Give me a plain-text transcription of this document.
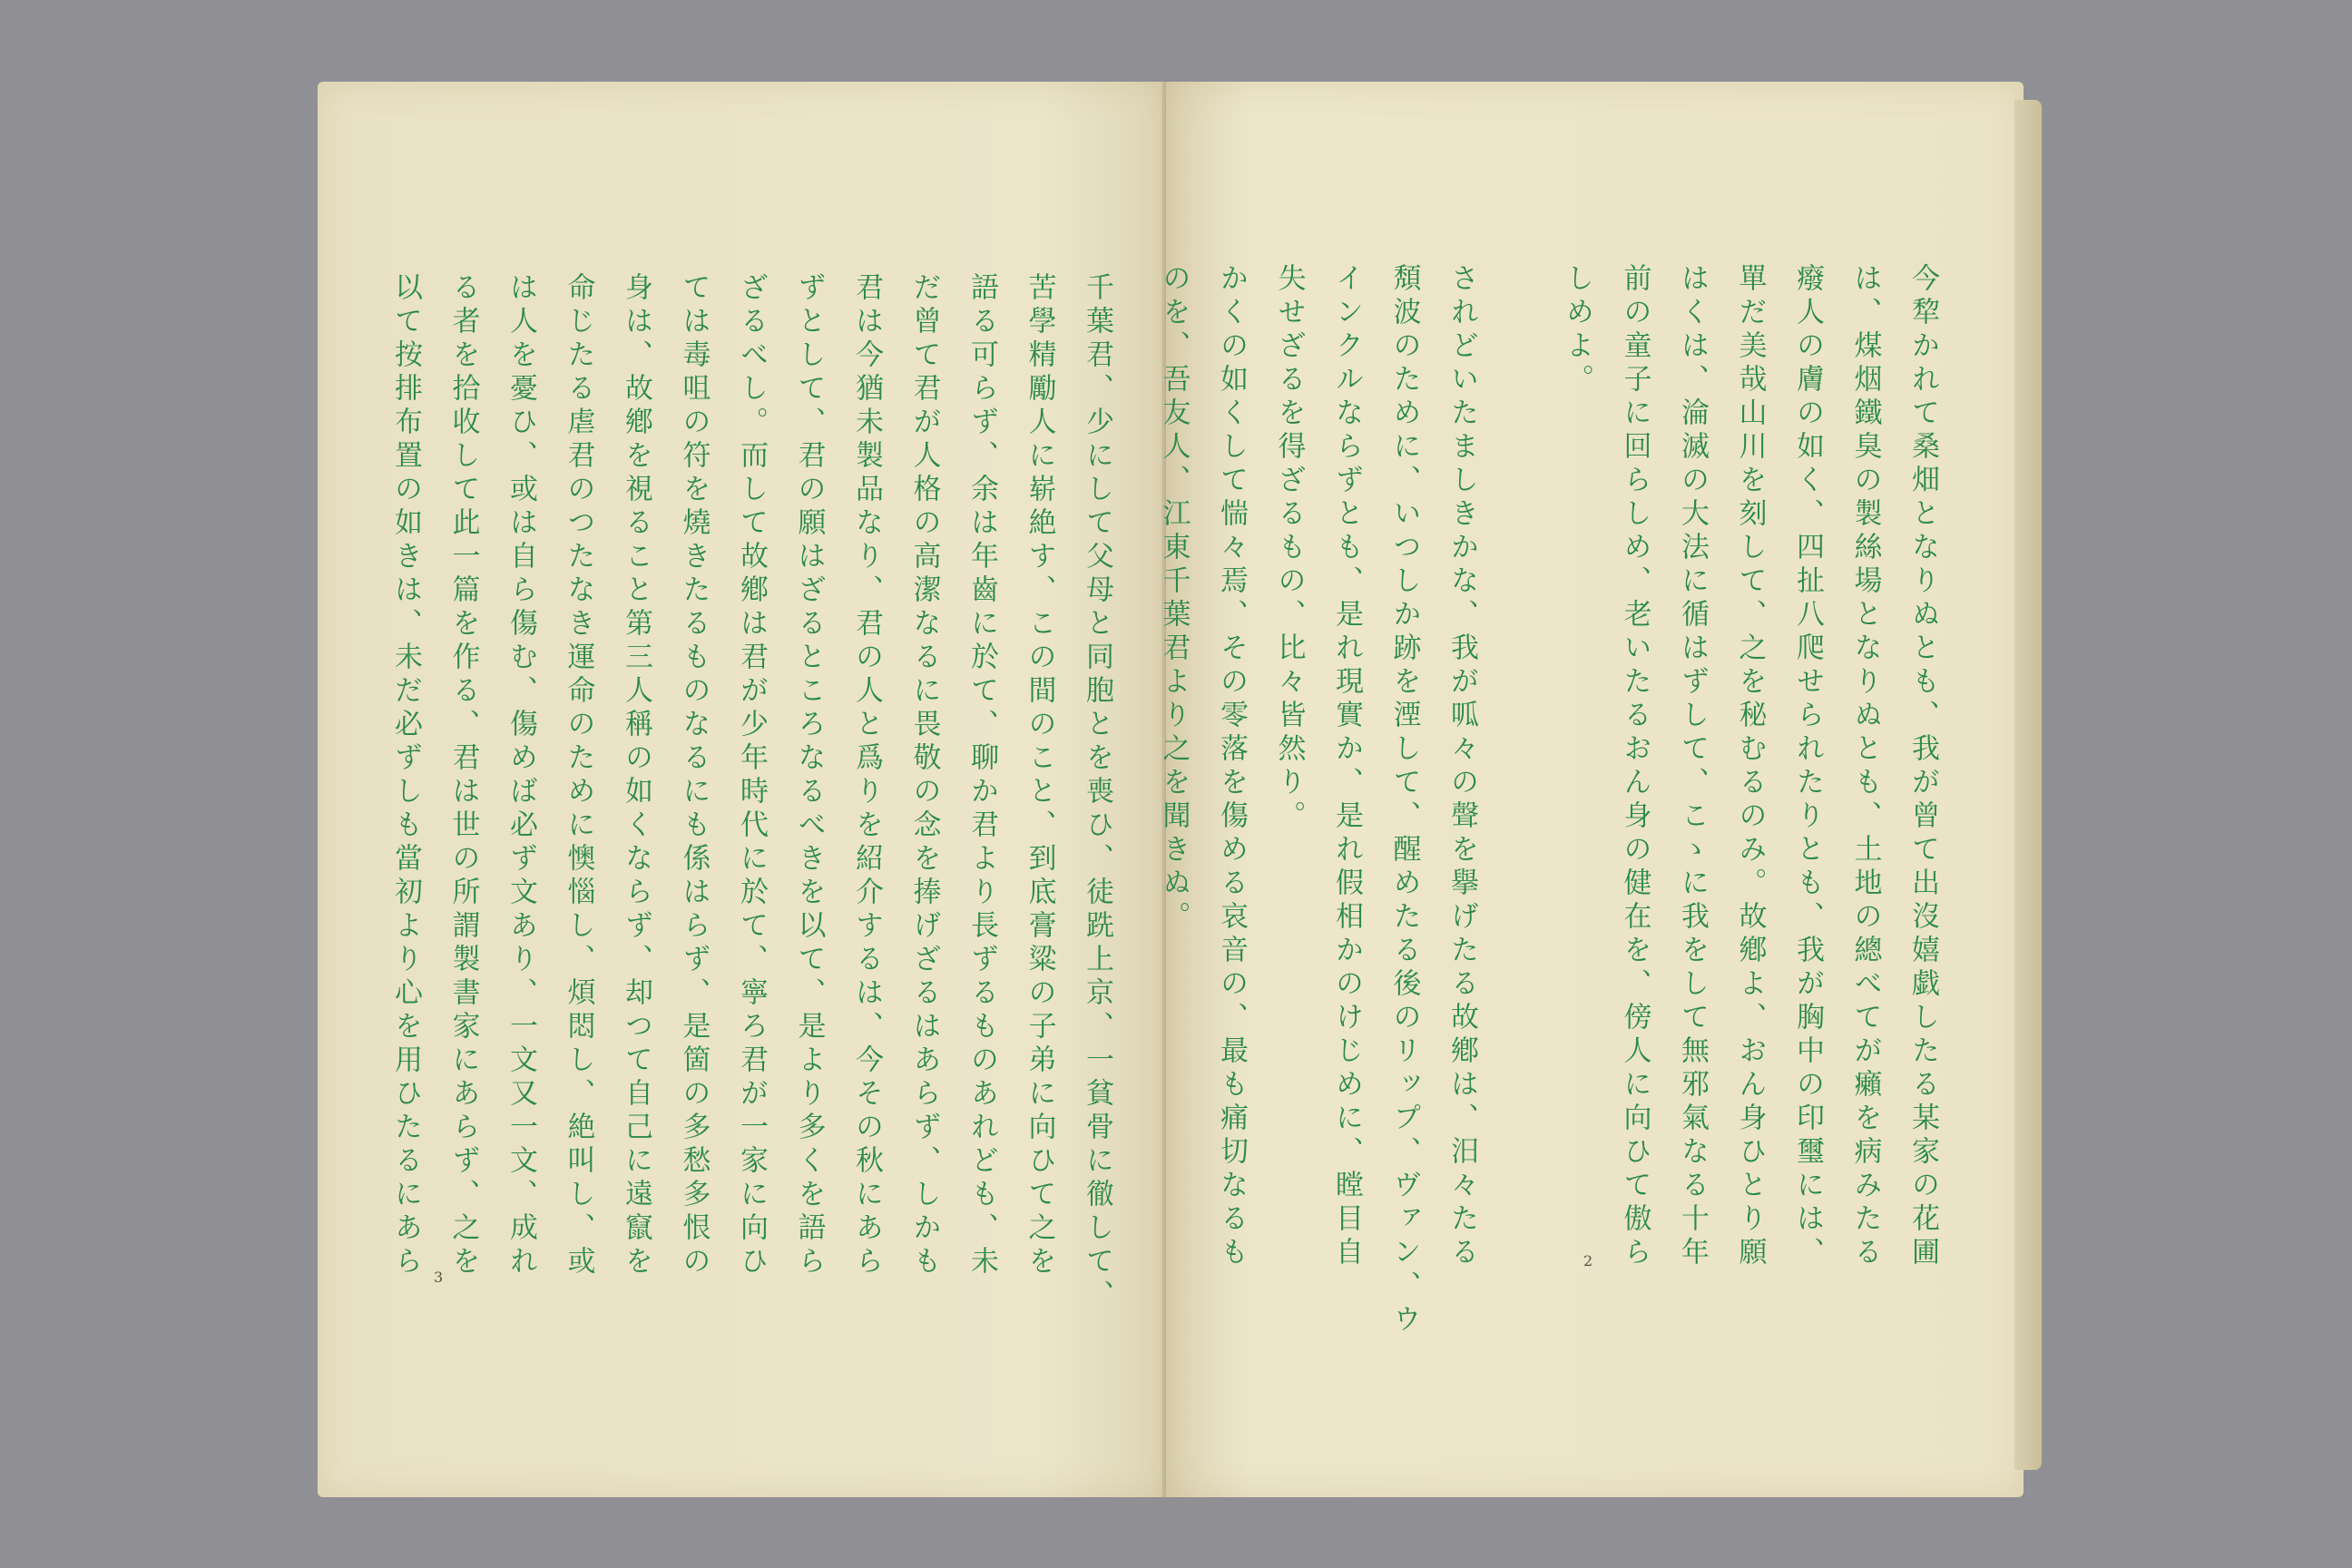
千葉君、少にして父母と同胞とを喪ひ、徒跣上京、一貧骨に徹して、
苦學精勵人に崭絶す、この間のこと、到底膏粱の子弟に向ひて之を
語る可らず、余は年齒に於て、聊か君より長ずるものあれども、未
だ曾て君が人格の高潔なるに畏敬の念を捧げざるはあらず、しかも
君は今猶未製品なり、君の人と爲りを紹介するは、今その秋にあら
ずとして、君の願はざるところなるべきを以て、是より多くを語ら
ざるべし。而して故鄕は君が少年時代に於て、寧ろ君が一家に向ひ
ては毒咀の符を燒きたるものなるにも係はらず、是箇の多愁多恨の
身は、故鄕を視ること第三人稱の如くならず、却つて自己に遠竄を
命じたる虐君のつたなき運命のために懊惱し、煩悶し、絶叫し、或
は人を憂ひ、或は自ら傷む、傷めば必ず文あり、一文又一文、成れ
る者を拾收して此一篇を作る、君は世の所謂製書家にあらず、之を
以て按排布置の如きは、未だ必ずしも當初より心を用ひたるにあら	今犂かれて桑畑となりぬとも、我が曾て出沒嬉戯したる某家の花圃
は、煤烟鐵臭の製絲場となりぬとも、土地の總べてが癩を病みたる
癈人の膚の如く、四扯八爬せられたりとも、我が胸中の印璽には、
單だ美哉山川を刻して、之を秘むるのみ。故鄕よ、おん身ひとり願
はくは、淪滅の大法に循はずして、こゝに我をして無邪氣なる十年
前の童子に回らしめ、老いたるおん身の健在を、傍人に向ひて傲ら
しめよ。

されどいたましきかな、我が呱々の聲を擧げたる故鄕は、汨々たる
頽波のために、いつしか跡を湮して、醒めたる後のリップ、ヴァン、ウ
インクルならずとも、是れ現實か、是れ假相かのけじめに、瞠目自
失せざるを得ざるもの、比々皆然り。
かくの如くして惴々焉、その零落を傷める哀音の、最も痛切なるも
のを、吾友人、江東千葉君より之を聞きぬ。
3
2
